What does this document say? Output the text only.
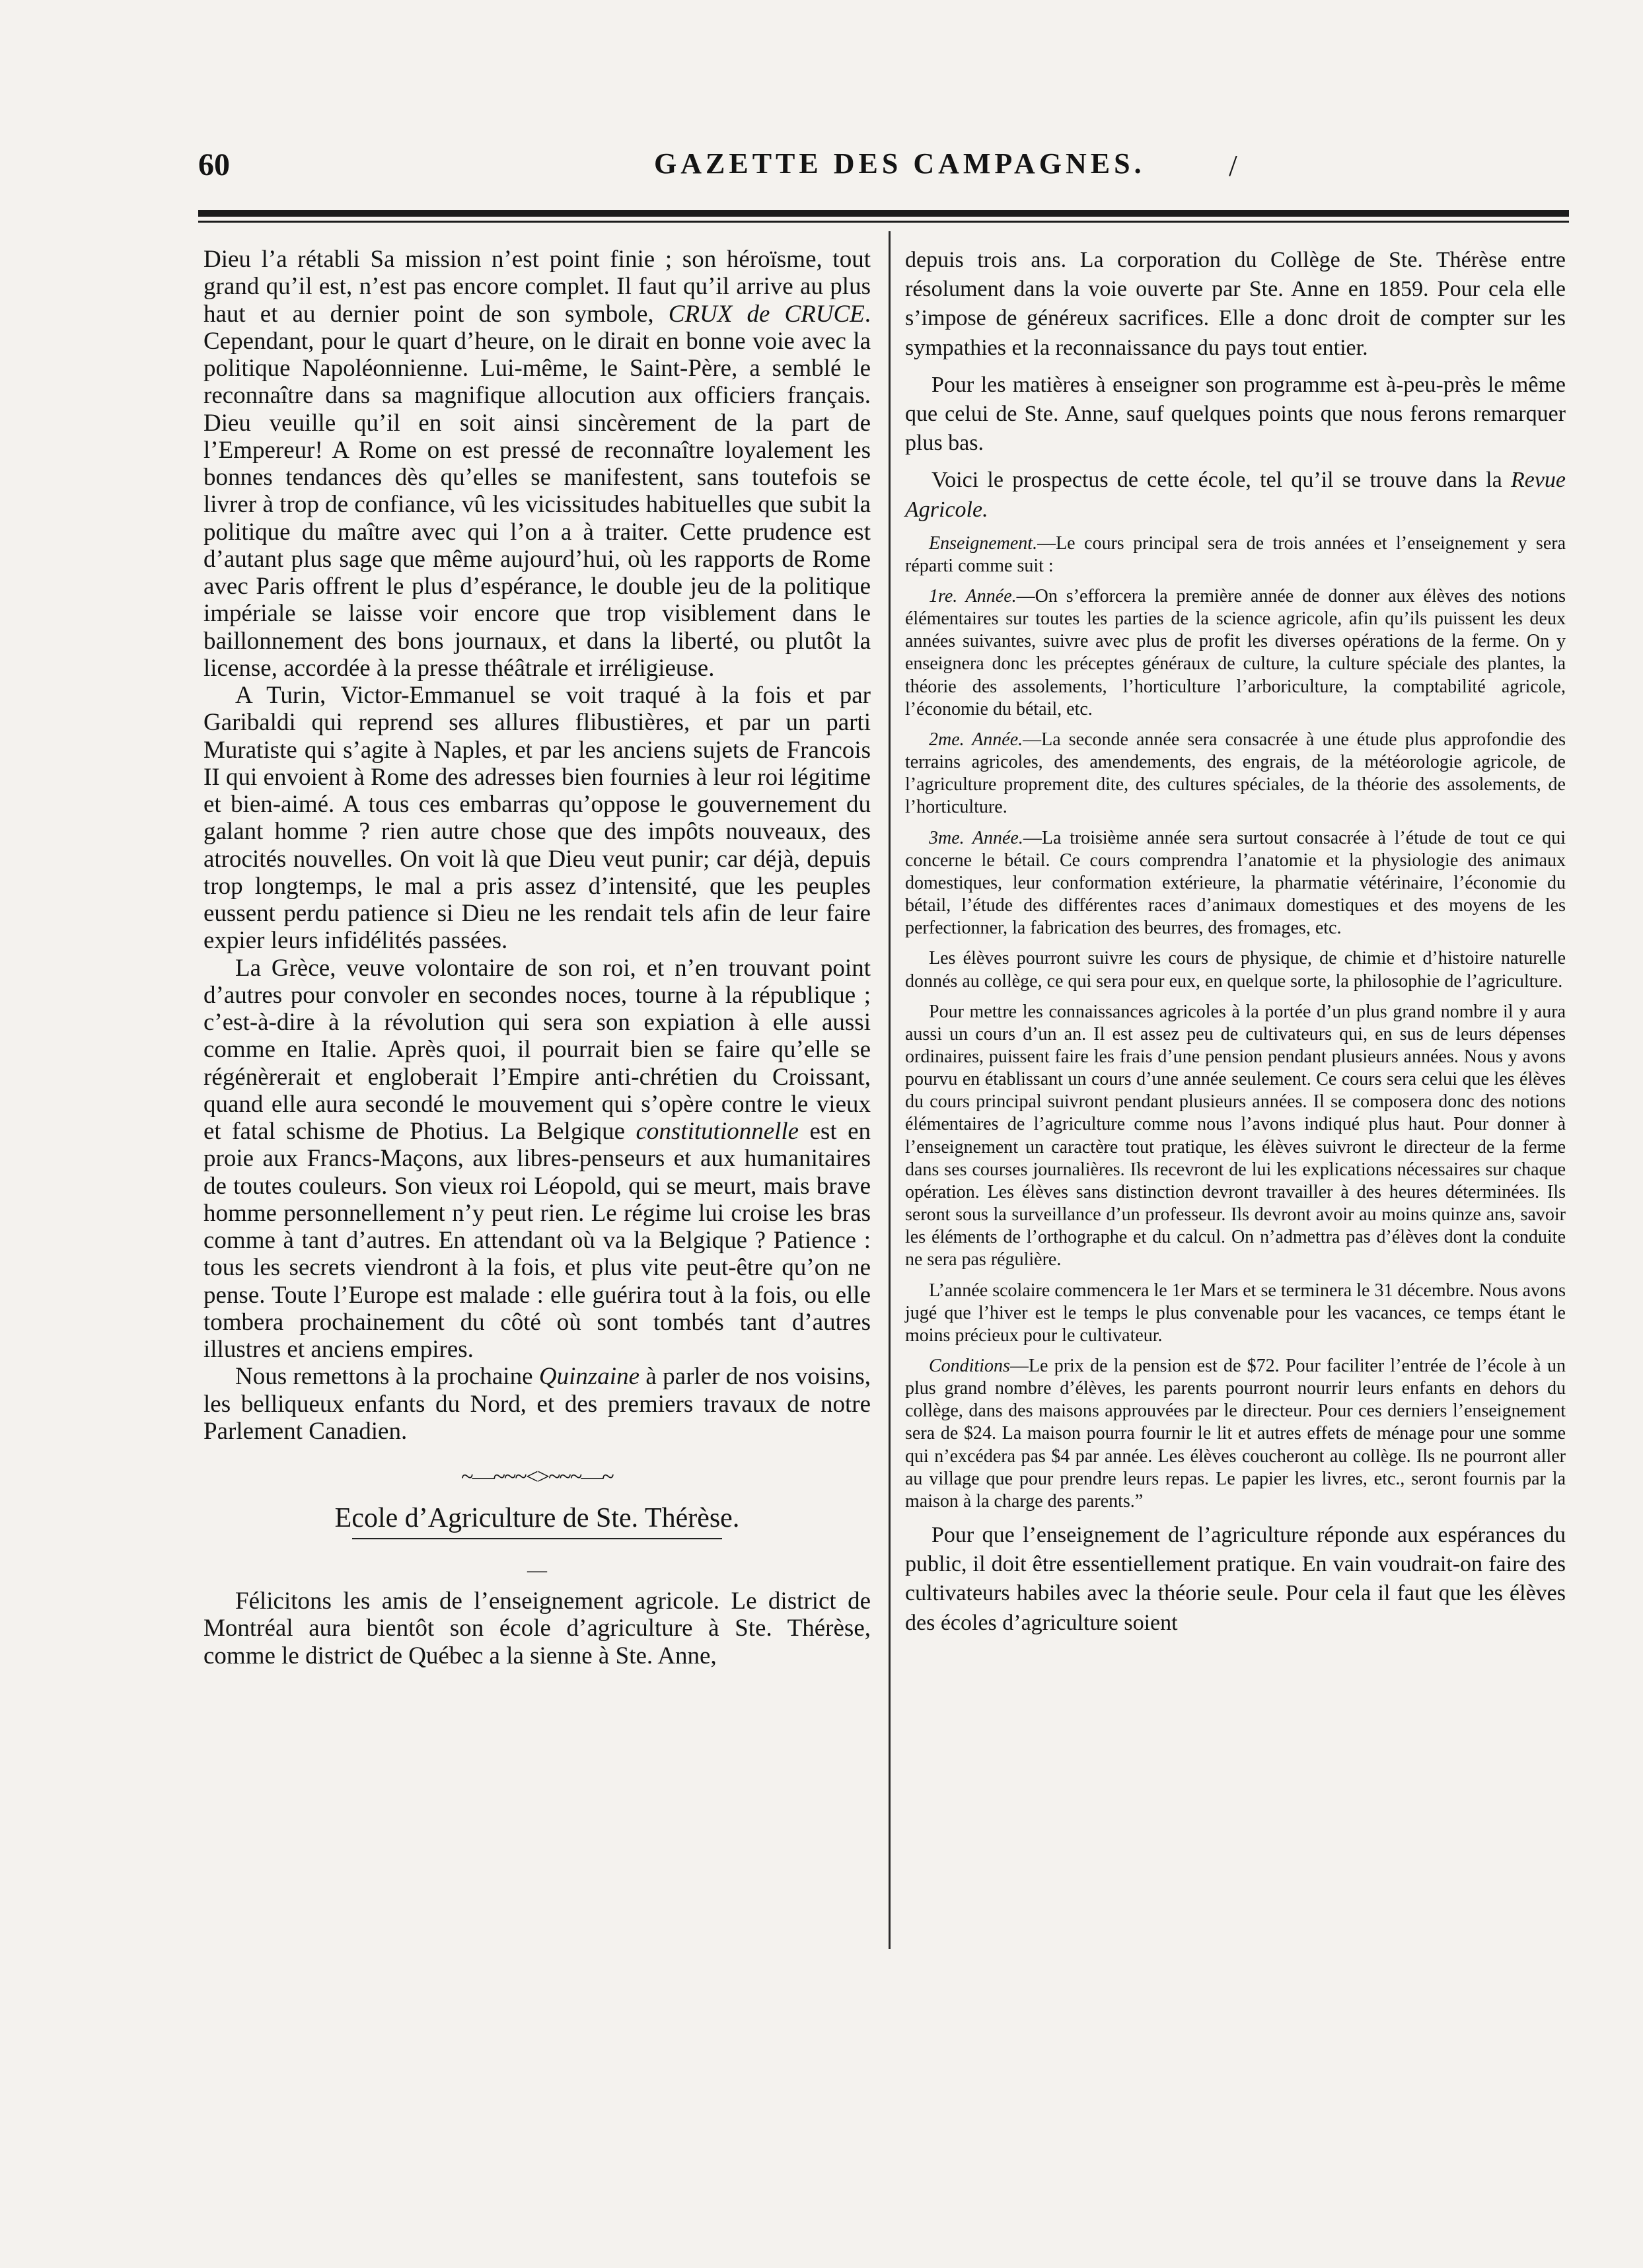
60	GAZETTE DES CAMPAGNES.	/

Dieu l’a rétabli Sa mission n’est point finie ; son héroïsme, tout grand qu’il est, n’est pas encore complet. Il faut qu’il arrive au plus haut et au dernier point de son symbole, CRUX de CRUCE. Cependant, pour le quart d’heure, on le dirait en bonne voie avec la politique Napoléonnienne. Lui-même, le Saint-Père, a semblé le reconnaître dans sa magnifique allocution aux officiers français. Dieu veuille qu’il en soit ainsi sincèrement de la part de l’Empereur! A Rome on est pressé de reconnaître loyalement les bonnes tendances dès qu’elles se manifestent, sans toutefois se livrer à trop de confiance, vû les vicissitudes habituelles que subit la politique du maître avec qui l’on a à traiter. Cette prudence est d’autant plus sage que même aujourd’hui, où les rapports de Rome avec Paris offrent le plus d’espérance, le double jeu de la politique impériale se laisse voir encore que trop visiblement dans le baillonnement des bons journaux, et dans la liberté, ou plutôt la license, accordée à la presse théâtrale et irréligieuse.

A Turin, Victor-Emmanuel se voit traqué à la fois et par Garibaldi qui reprend ses allures flibustières, et par un parti Muratiste qui s’agite à Naples, et par les anciens sujets de Francois II qui envoient à Rome des adresses bien fournies à leur roi légitime et bien-aimé. A tous ces embarras qu’oppose le gouvernement du galant homme ? rien autre chose que des impôts nouveaux, des atrocités nouvelles. On voit là que Dieu veut punir; car déjà, depuis trop longtemps, le mal a pris assez d’intensité, que les peuples eussent perdu patience si Dieu ne les rendait tels afin de leur faire expier leurs infidélités passées.

La Grèce, veuve volontaire de son roi, et n’en trouvant point d’autres pour convoler en secondes noces, tourne à la république ; c’est-à-dire à la révolution qui sera son expiation à elle aussi comme en Italie. Après quoi, il pourrait bien se faire qu’elle se régénèrerait et engloberait l’Empire anti-chrétien du Croissant, quand elle aura secondé le mouvement qui s’opère contre le vieux et fatal schisme de Photius. La Belgique constitutionnelle est en proie aux Francs-Maçons, aux libres-penseurs et aux humanitaires de toutes couleurs. Son vieux roi Léopold, qui se meurt, mais brave homme personnellement n’y peut rien. Le régime lui croise les bras comme à tant d’autres. En attendant où va la Belgique ? Patience : tous les secrets viendront à la fois, et plus vite peut-être qu’on ne pense. Toute l’Europe est malade : elle guérira tout à la fois, ou elle tombera prochainement du côté où sont tombés tant d’autres illustres et anciens empires.

Nous remettons à la prochaine Quinzaine à parler de nos voisins, les belliqueux enfants du Nord, et des premiers travaux de notre Parlement Canadien.

~—~~~<>~~~—~
Ecole d’Agriculture de Ste. Thérèse.
—

Félicitons les amis de l’enseignement agricole. Le district de Montréal aura bientôt son école d’agriculture à Ste. Thérèse, comme le district de Québec a la sienne à Ste. Anne,

depuis trois ans. La corporation du Collège de Ste. Thérèse entre résolument dans la voie ouverte par Ste. Anne en 1859. Pour cela elle s’impose de généreux sacrifices. Elle a donc droit de compter sur les sympathies et la reconnaissance du pays tout entier.

Pour les matières à enseigner son programme est à-peu-près le même que celui de Ste. Anne, sauf quelques points que nous ferons remarquer plus bas.

Voici le prospectus de cette école, tel qu’il se trouve dans la Revue Agricole.

Enseignement.—Le cours principal sera de trois années et l’enseignement y sera réparti comme suit :

1re. Année.—On s’efforcera la première année de donner aux élèves des notions élémentaires sur toutes les parties de la science agricole, afin qu’ils puissent les deux années suivantes, suivre avec plus de profit les diverses opérations de la ferme. On y enseignera donc les préceptes généraux de culture, la culture spéciale des plantes, la théorie des assolements, l’horticulture l’arboriculture, la comptabilité agricole, l’économie du bétail, etc.

2me. Année.—La seconde année sera consacrée à une étude plus approfondie des terrains agricoles, des amendements, des engrais, de la météorologie agricole, de l’agriculture proprement dite, des cultures spéciales, de la théorie des assolements, de l’horticulture.

3me. Année.—La troisième année sera surtout consacrée à l’étude de tout ce qui concerne le bétail. Ce cours comprendra l’anatomie et la physiologie des animaux domestiques, leur conformation extérieure, la pharmatie vétérinaire, l’économie du bétail, l’étude des différentes races d’animaux domestiques et des moyens de les perfectionner, la fabrication des beurres, des fromages, etc.

Les élèves pourront suivre les cours de physique, de chimie et d’histoire naturelle donnés au collège, ce qui sera pour eux, en quelque sorte, la philosophie de l’agriculture.

Pour mettre les connaissances agricoles à la portée d’un plus grand nombre il y aura aussi un cours d’un an. Il est assez peu de cultivateurs qui, en sus de leurs dépenses ordinaires, puissent faire les frais d’une pension pendant plusieurs années. Nous y avons pourvu en établissant un cours d’une année seulement. Ce cours sera celui que les élèves du cours principal suivront pendant plusieurs années. Il se composera donc des notions élémentaires de l’agriculture comme nous l’avons indiqué plus haut. Pour donner à l’enseignement un caractère tout pratique, les élèves suivront le directeur de la ferme dans ses courses journalières. Ils recevront de lui les explications nécessaires sur chaque opération. Les élèves sans distinction devront travailler à des heures déterminées. Ils seront sous la surveillance d’un professeur. Ils devront avoir au moins quinze ans, savoir les éléments de l’orthographe et du calcul. On n’admettra pas d’élèves dont la conduite ne sera pas régulière.

L’année scolaire commencera le 1er Mars et se terminera le 31 décembre. Nous avons jugé que l’hiver est le temps le plus convenable pour les vacances, ce temps étant le moins précieux pour le cultivateur.

Conditions—Le prix de la pension est de $72. Pour faciliter l’entrée de l’école à un plus grand nombre d’élèves, les parents pourront nourrir leurs enfants en dehors du collège, dans des maisons approuvées par le directeur. Pour ces derniers l’enseignement sera de $24. La maison pourra fournir le lit et autres effets de ménage pour une somme qui n’excédera pas $4 par année. Les élèves coucheront au collège. Ils ne pourront aller au village que pour prendre leurs repas. Le papier les livres, etc., seront fournis par la maison à la charge des parents.”

Pour que l’enseignement de l’agriculture réponde aux espérances du public, il doit être essentiellement pratique. En vain voudrait-on faire des cultivateurs habiles avec la théorie seule. Pour cela il faut que les élèves des écoles d’agriculture soient
